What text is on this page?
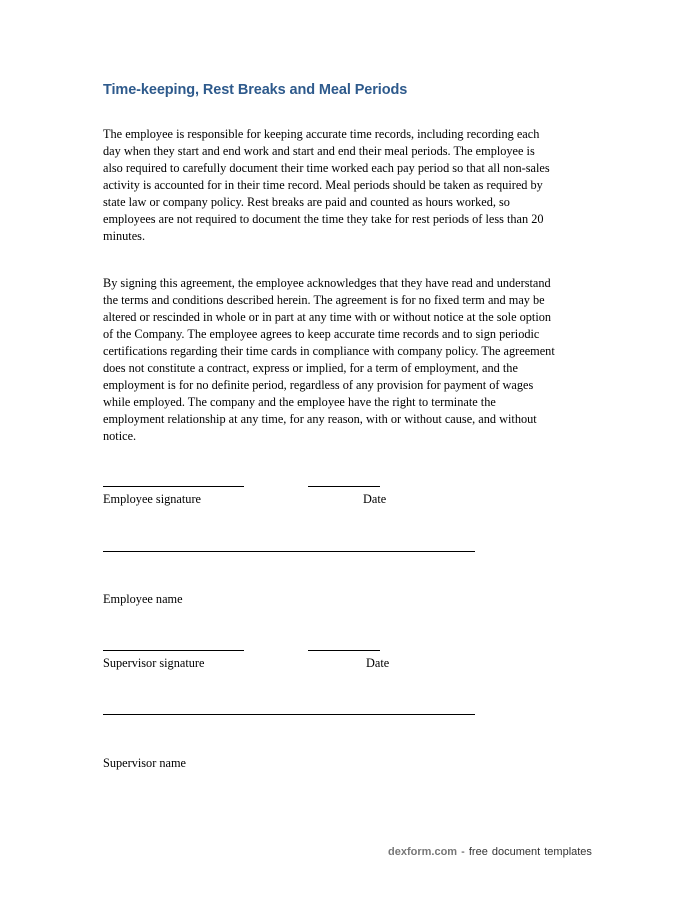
Time-keeping, Rest Breaks and Meal Periods

The employee is responsible for keeping accurate time records, including recording each
day when they start and end work and start and end their meal periods. The employee is
also required to carefully document their time worked each pay period so that all non-sales
activity is accounted for in their time record. Meal periods should be taken as required by
state law or company policy. Rest breaks are paid and counted as hours worked, so
employees are not required to document the time they take for rest periods of less than 20
minutes.

By signing this agreement, the employee acknowledges that they have read and understand
the terms and conditions described herein. The agreement is for no fixed term and may be
altered or rescinded in whole or in part at any time with or without notice at the sole option
of the Company. The employee agrees to keep accurate time records and to sign periodic
certifications regarding their time cards in compliance with company policy. The agreement
does not constitute a contract, express or implied, for a term of employment, and the
employment is for no definite period, regardless of any provision for payment of wages
while employed. The company and the employee have the right to terminate the
employment relationship at any time, for any reason, with or without cause, and without
notice.

Employee signature	Date
Employee name
Supervisor signature	Date
Supervisor name
dexform.com - free document templates
